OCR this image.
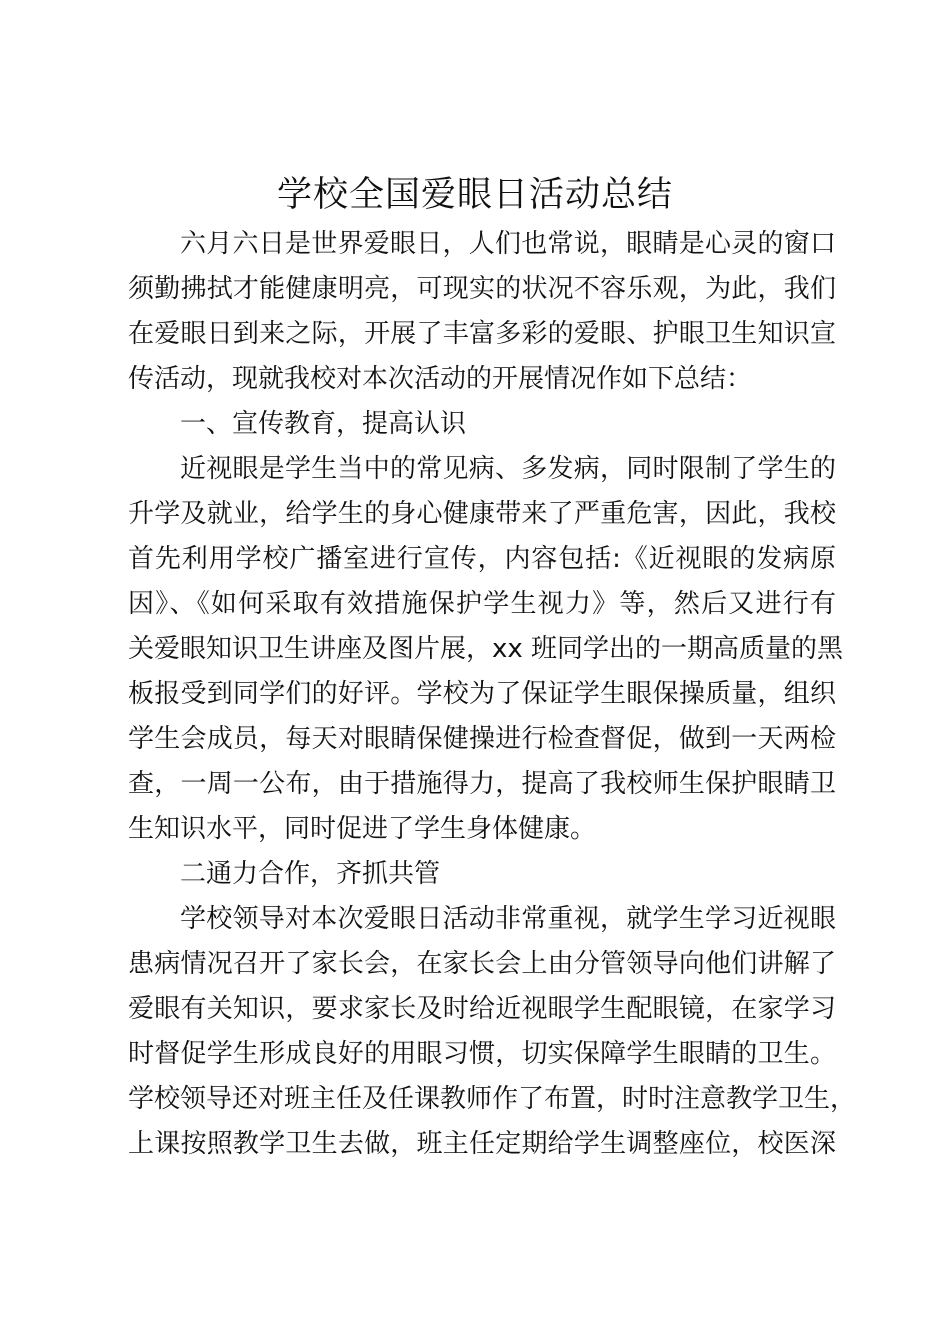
学校全国爱眼日活动总结
六月六日是世界爱眼日，人们也常说，眼睛是心灵的窗口
须勤拂拭才能健康明亮，可现实的状况不容乐观，为此，我们
在爱眼日到来之际，开展了丰富多彩的爱眼、护眼卫生知识宣
传活动，现就我校对本次活动的开展情况作如下总结：
一、宣传教育，提高认识
近视眼是学生当中的常见病、多发病，同时限制了学生的
升学及就业，给学生的身心健康带来了严重危害，因此，我校
首先利用学校广播室进行宣传，内容包括:《近视眼的发病原
因》、《如何采取有效措施保护学生视力》等，然后又进行有
关爱眼知识卫生讲座及图片展，xx 班同学出的一期高质量的黑
板报受到同学们的好评。学校为了保证学生眼保操质量，组织
学生会成员，每天对眼睛保健操进行检查督促，做到一天两检
查，一周一公布，由于措施得力，提高了我校师生保护眼睛卫
生知识水平，同时促进了学生身体健康。
二通力合作，齐抓共管
学校领导对本次爱眼日活动非常重视，就学生学习近视眼
患病情况召开了家长会，在家长会上由分管领导向他们讲解了
爱眼有关知识，要求家长及时给近视眼学生配眼镜，在家学习
时督促学生形成良好的用眼习惯，切实保障学生眼睛的卫生。
学校领导还对班主任及任课教师作了布置，时时注意教学卫生，
上课按照教学卫生去做，班主任定期给学生调整座位，校医深
